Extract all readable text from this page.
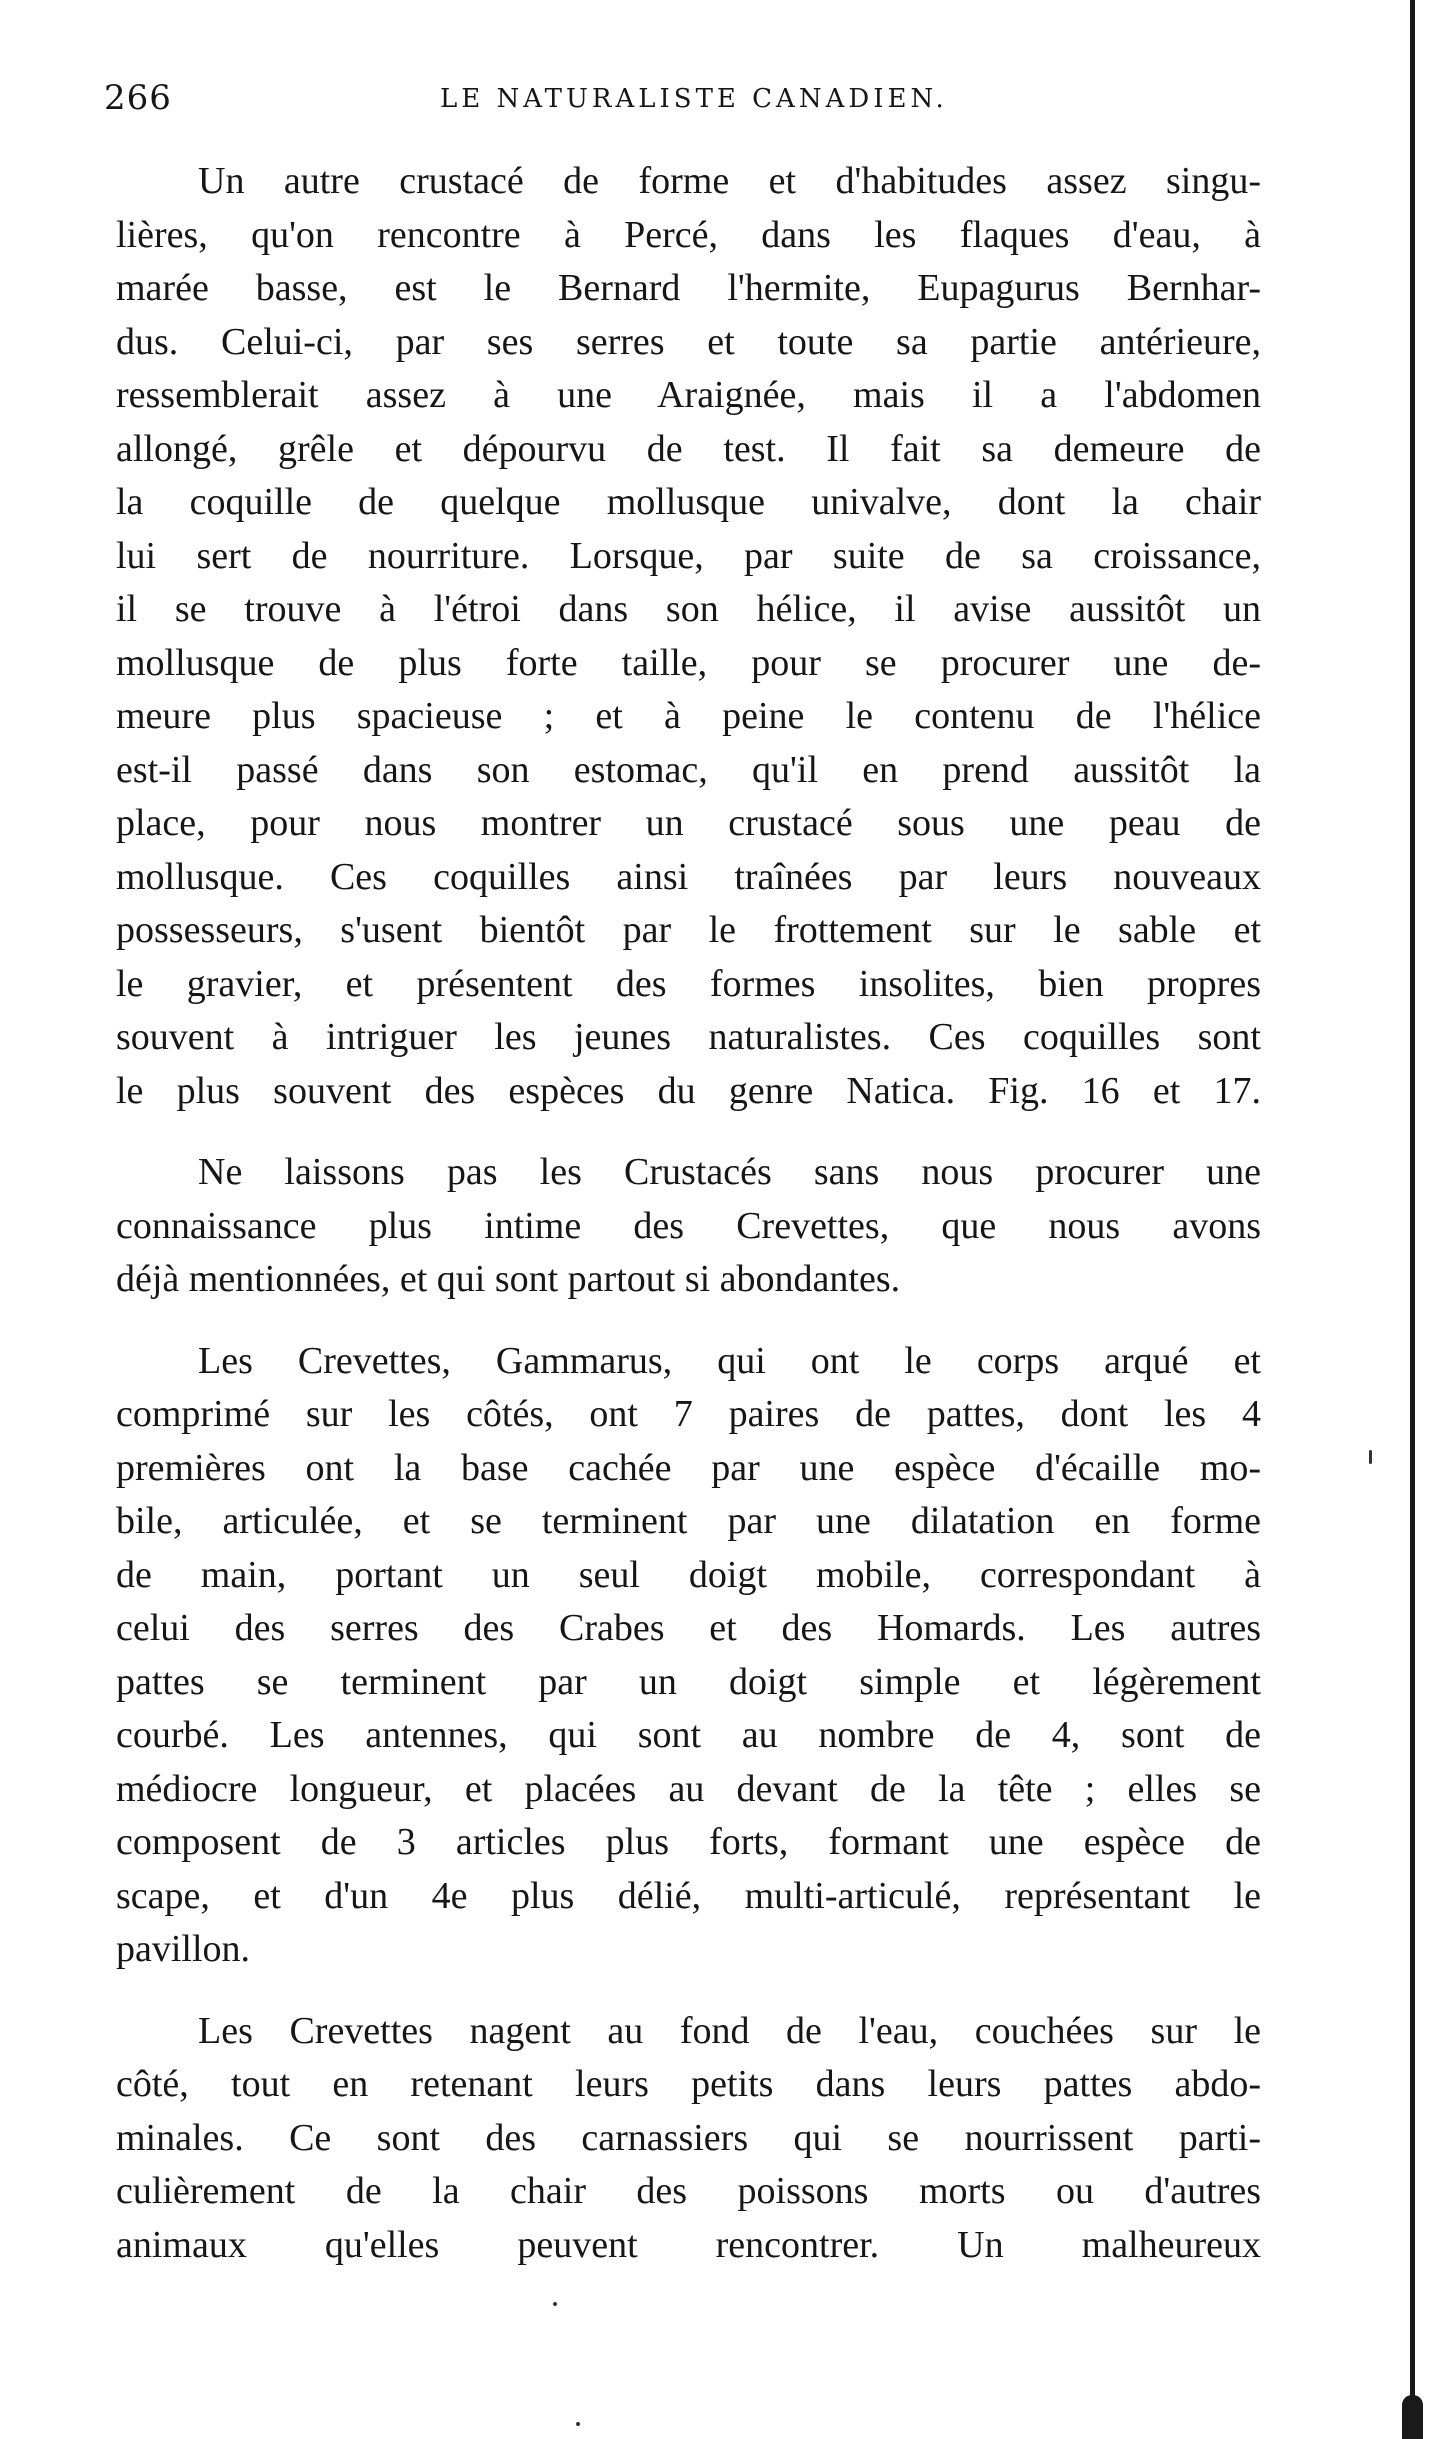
266	LE NATURALISTE CANADIEN.

Un autre crustacé de forme et d'habitudes assez singu-
lières, qu'on rencontre à Percé, dans les flaques d'eau, à
marée basse, est le Bernard l'hermite, Eupagurus Bernhar-
dus. Celui-ci, par ses serres et toute sa partie antérieure,
ressemblerait assez à une Araignée, mais il a l'abdomen
allongé, grêle et dépourvu de test. Il fait sa demeure de
la coquille de quelque mollusque univalve, dont la chair
lui sert de nourriture. Lorsque, par suite de sa croissance,
il se trouve à l'étroi dans son hélice, il avise aussitôt un
mollusque de plus forte taille, pour se procurer une de-
meure plus spacieuse ; et à peine le contenu de l'hélice
est-il passé dans son estomac, qu'il en prend aussitôt la
place, pour nous montrer un crustacé sous une peau de
mollusque. Ces coquilles ainsi traînées par leurs nouveaux
possesseurs, s'usent bientôt par le frottement sur le sable et
le gravier, et présentent des formes insolites, bien propres
souvent à intriguer les jeunes naturalistes. Ces coquilles sont
le plus souvent des espèces du genre Natica. Fig. 16 et 17.

Ne laissons pas les Crustacés sans nous procurer une
connaissance plus intime des Crevettes, que nous avons
déjà mentionnées, et qui sont partout si abondantes.

Les Crevettes, Gammarus, qui ont le corps arqué et
comprimé sur les côtés, ont 7 paires de pattes, dont les 4
premières ont la base cachée par une espèce d'écaille mo-
bile, articulée, et se terminent par une dilatation en forme
de main, portant un seul doigt mobile, correspondant à
celui des serres des Crabes et des Homards. Les autres
pattes se terminent par un doigt simple et légèrement
courbé. Les antennes, qui sont au nombre de 4, sont de
médiocre longueur, et placées au devant de la tête ; elles se
composent de 3 articles plus forts, formant une espèce de
scape, et d'un 4e plus délié, multi-articulé, représentant le
pavillon.

Les Crevettes nagent au fond de l'eau, couchées sur le
côté, tout en retenant leurs petits dans leurs pattes abdo-
minales. Ce sont des carnassiers qui se nourrissent parti-
culièrement de la chair des poissons morts ou d'autres
animaux qu'elles peuvent rencontrer. Un malheureux
